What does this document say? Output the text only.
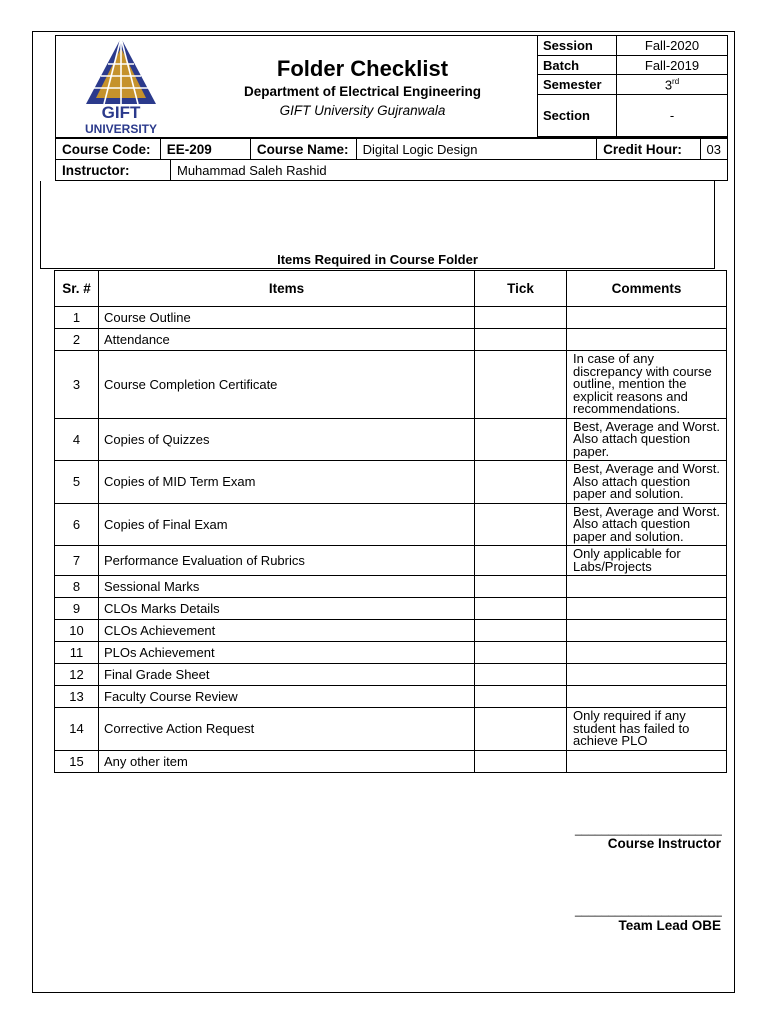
GIFT
UNIVERSITY
Folder Checklist
Department of Electrical Engineering
GIFT University Gujranwala
Session	Fall-2020
Batch	Fall-2019
Semester	3rd
Section	-
Course Code:	EE-209	Course Name:	Digital Logic Design	Credit Hour:	03
Instructor:	Muhammad Saleh Rashid
Items Required in Course Folder
Sr. #	Items	Tick	Comments
1	Course Outline		
2	Attendance		
3	Course Completion Certificate		In case of any discrepancy with course outline, mention the explicit reasons and recommendations.
4	Copies of Quizzes		Best, Average and Worst. Also attach question paper.
5	Copies of MID Term Exam		Best, Average and Worst. Also attach question paper and solution.
6	Copies of Final Exam		Best, Average and Worst. Also attach question paper and solution.
7	Performance Evaluation of Rubrics		Only applicable for Labs/Projects
8	Sessional Marks		
9	CLOs Marks Details		
10	CLOs Achievement		
11	PLOs Achievement		
12	Final Grade Sheet		
13	Faculty Course Review		
14	Corrective Action Request		Only required if any student has failed to achieve PLO
15	Any other item		
______________________
Course Instructor
______________________
Team Lead OBE
